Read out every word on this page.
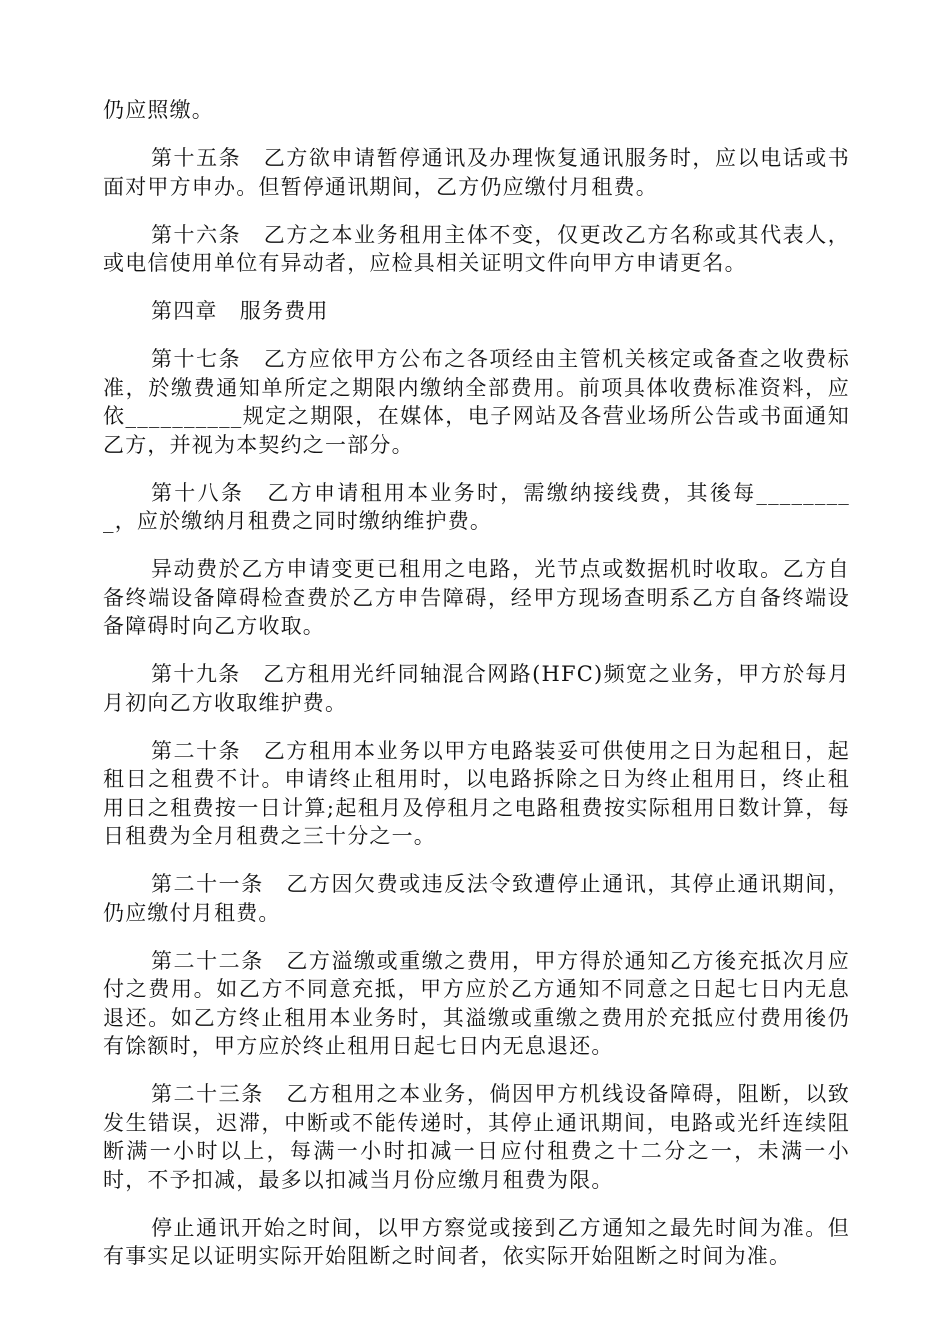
仍应照缴。

第十五条　乙方欲申请暂停通讯及办理恢复通讯服务时，应以电话或书面对甲方申办。但暂停通讯期间，乙方仍应缴付月租费。

第十六条　乙方之本业务租用主体不变，仅更改乙方名称或其代表人，或电信使用单位有异动者，应检具相关证明文件向甲方申请更名。

第四章　服务费用

第十七条　乙方应依甲方公布之各项经由主管机关核定或备查之收费标准，於缴费通知单所定之期限内缴纳全部费用。前项具体收费标准资料，应依__________规定之期限，在媒体，电子网站及各营业场所公告或书面通知乙方，并视为本契约之一部分。

第十八条　乙方申请租用本业务时，需缴纳接线费，其後每_________，应於缴纳月租费之同时缴纳维护费。

异动费於乙方申请变更已租用之电路，光节点或数据机时收取。乙方自备终端设备障碍检查费於乙方申告障碍，经甲方现场查明系乙方自备终端设备障碍时向乙方收取。

第十九条　乙方租用光纤同轴混合网路(HFC)频宽之业务，甲方於每月月初向乙方收取维护费。

第二十条　乙方租用本业务以甲方电路装妥可供使用之日为起租日，起租日之租费不计。申请终止租用时，以电路拆除之日为终止租用日，终止租用日之租费按一日计算;起租月及停租月之电路租费按实际租用日数计算，每日租费为全月租费之三十分之一。

第二十一条　乙方因欠费或违反法令致遭停止通讯，其停止通讯期间，仍应缴付月租费。

第二十二条　乙方溢缴或重缴之费用，甲方得於通知乙方後充抵次月应付之费用。如乙方不同意充抵，甲方应於乙方通知不同意之日起七日内无息退还。如乙方终止租用本业务时，其溢缴或重缴之费用於充抵应付费用後仍有馀额时，甲方应於终止租用日起七日内无息退还。

第二十三条　乙方租用之本业务，倘因甲方机线设备障碍，阻断，以致发生错误，迟滞，中断或不能传递时，其停止通讯期间，电路或光纤连续阻断满一小时以上，每满一小时扣减一日应付租费之十二分之一，未满一小时，不予扣减，最多以扣减当月份应缴月租费为限。

停止通讯开始之时间，以甲方察觉或接到乙方通知之最先时间为准。但有事实足以证明实际开始阻断之时间者，依实际开始阻断之时间为准。
